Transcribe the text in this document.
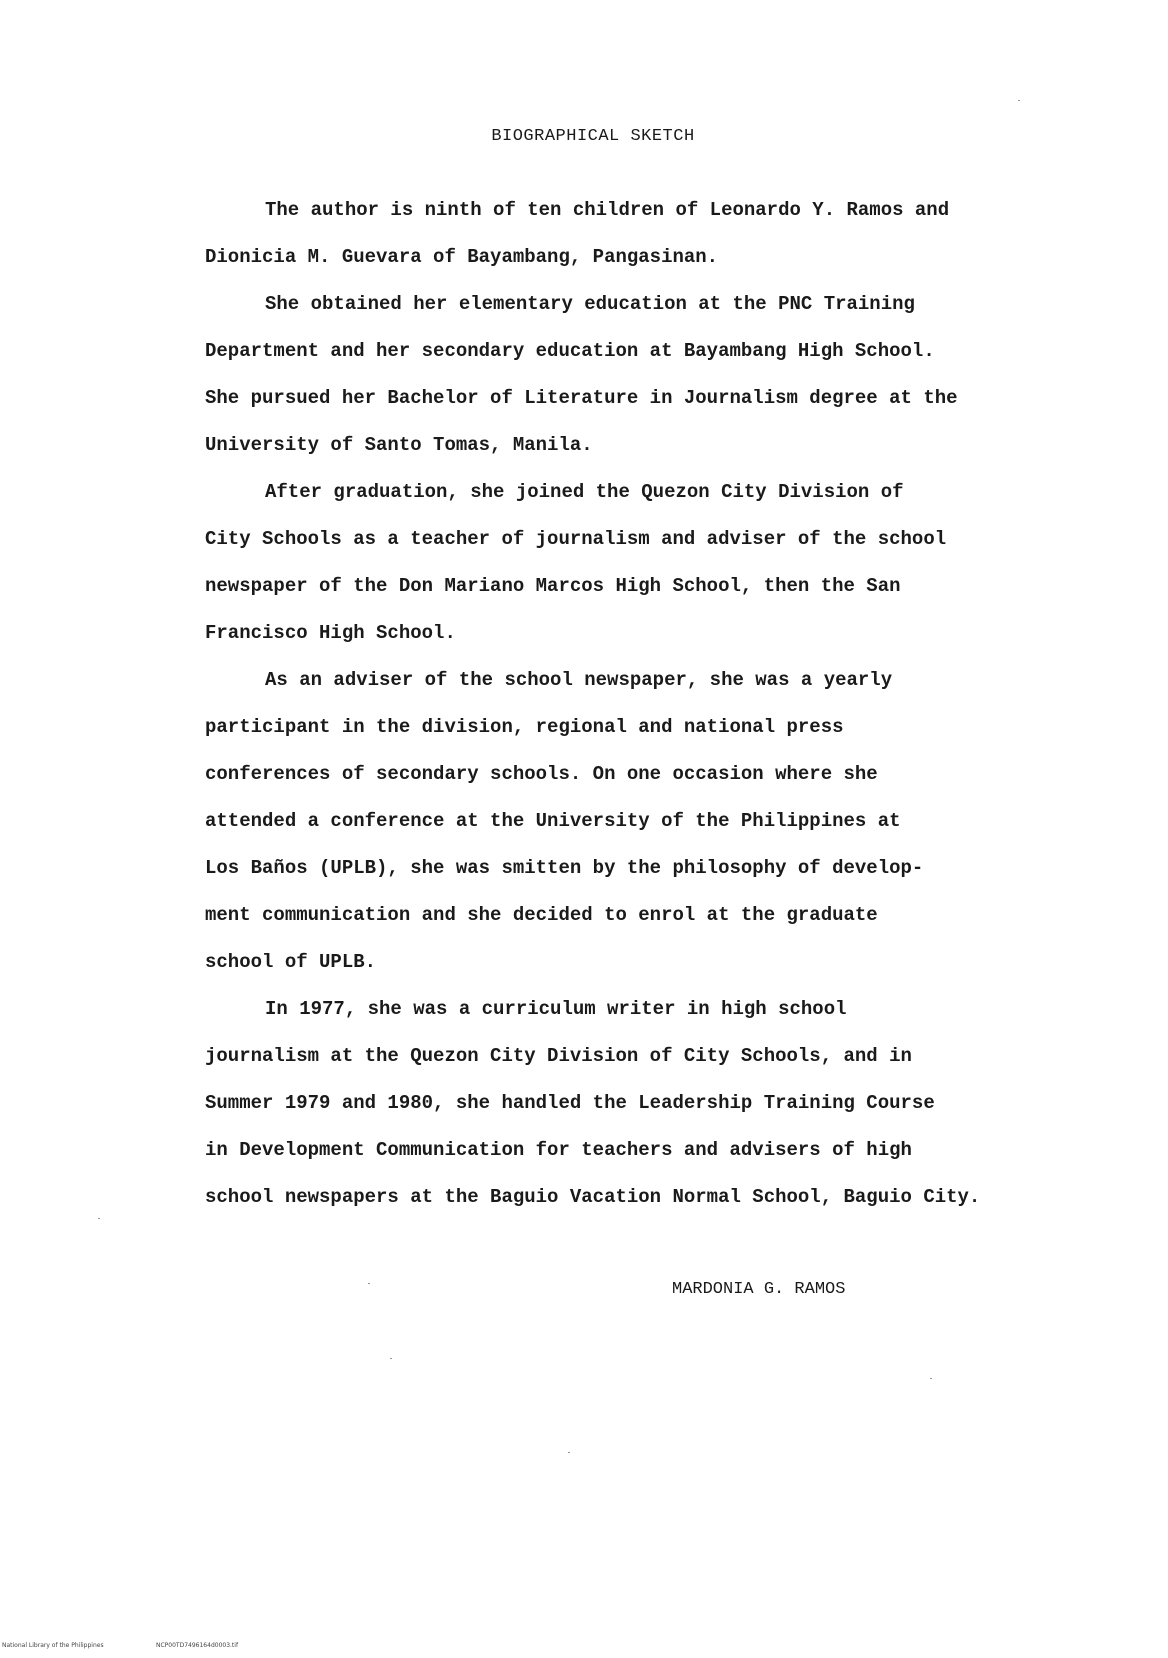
BIOGRAPHICAL SKETCH

The author is ninth of ten children of Leonardo Y. Ramos and

Dionicia M. Guevara of Bayambang, Pangasinan.

She obtained her elementary education at the PNC Training

Department and her secondary education at Bayambang High School.

She pursued her Bachelor of Literature in Journalism degree at the

University of Santo Tomas, Manila.

After graduation, she joined the Quezon City Division of

City Schools as a teacher of journalism and adviser of the school

newspaper of the Don Mariano Marcos High School, then the San

Francisco High School.

As an adviser of the school newspaper, she was a yearly

participant in the division, regional and national press

conferences of secondary schools. On one occasion where she

attended a conference at the University of the Philippines at

Los Baños (UPLB), she was smitten by the philosophy of develop-

ment communication and she decided to enrol at the graduate

school of UPLB.

In 1977, she was a curriculum writer in high school

journalism at the Quezon City Division of City Schools, and in

Summer 1979 and 1980, she handled the Leadership Training Course

in Development Communication for teachers and advisers of high

school newspapers at the Baguio Vacation Normal School, Baguio City.

MARDONIA G. RAMOS

National Library of the Philippines	NCP00TD7496164d0003.tif
